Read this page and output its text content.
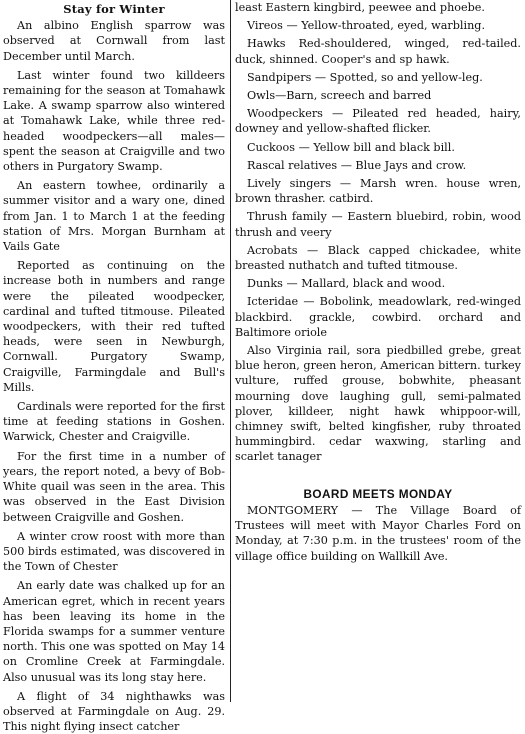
Stay for Winter

An albino English sparrow was observed at Cornwall from last December until March.

Last winter found two killdeers remaining for the season at Tomahawk Lake. A swamp sparrow also wintered at Tomahawk Lake, while three red-headed woodpeckers—all males—spent the season at Craigville and two others in Purgatory Swamp.

An eastern towhee, ordinarily a summer visitor and a wary one, dined from Jan. 1 to March 1 at the feeding station of Mrs. Morgan Burnham at Vails Gate

Reported as continuing on the increase both in numbers and range were the pileated woodpecker, cardinal and tufted titmouse. Pileated woodpeckers, with their red tufted heads, were seen in Newburgh, Cornwall. Purgatory Swamp, Craigville, Farmingdale and Bull's Mills.

Cardinals were reported for the first time at feeding stations in Goshen. Warwick, Chester and Craigville.

For the first time in a number of years, the report noted, a bevy of Bob-White quail was seen in the area. This was observed in the East Division between Craigville and Goshen.

A winter crow roost with more than 500 birds estimated, was discovered in the Town of Chester

An early date was chalked up for an American egret, which in recent years has been leaving its home in the Florida swamps for a summer venture north. This one was spotted on May 14 on Cromline Creek at Farmingdale. Also unusual was its long stay here.

A flight of 34 nighthawks was observed at Farmingdale on Aug. 29. This night flying insect catcher

least Eastern kingbird, peewee and phoebe.

Vireos — Yellow-throated, eyed, warbling.

Hawks Red-shouldered, winged, red-tailed. duck, shinned. Cooper's and sp hawk.

Sandpipers — Spotted, so and yellow-leg.

Owls—Barn, screech and barred

Woodpeckers — Pileated red headed, hairy, downey and yellow-shafted flicker.

Cuckoos — Yellow bill and black bill.

Rascal relatives — Blue Jays and crow.

Lively singers — Marsh wren. house wren, brown thrasher. catbird.

Thrush family — Eastern bluebird, robin, wood thrush and veery

Acrobats — Black capped chickadee, white breasted nuthatch and tufted titmouse.

Dunks — Mallard, black and wood.

Icteridae — Bobolink, meadowlark, red-winged blackbird. grackle, cowbird. orchard and Baltimore oriole

Also Virginia rail, sora piedbilled grebe, great blue heron, green heron, American bittern. turkey vulture, ruffed grouse, bobwhite, pheasant mourning dove laughing gull, semi-palmated plover, killdeer, night hawk whippoor-will, chimney swift, belted kingfisher, ruby throated hummingbird. cedar waxwing, starling and scarlet tanager

BOARD MEETS MONDAY

MONTGOMERY — The Village Board of Trustees will meet with Mayor Charles Ford on Monday, at 7:30 p.m. in the trustees' room of the village office building on Wallkill Ave.
